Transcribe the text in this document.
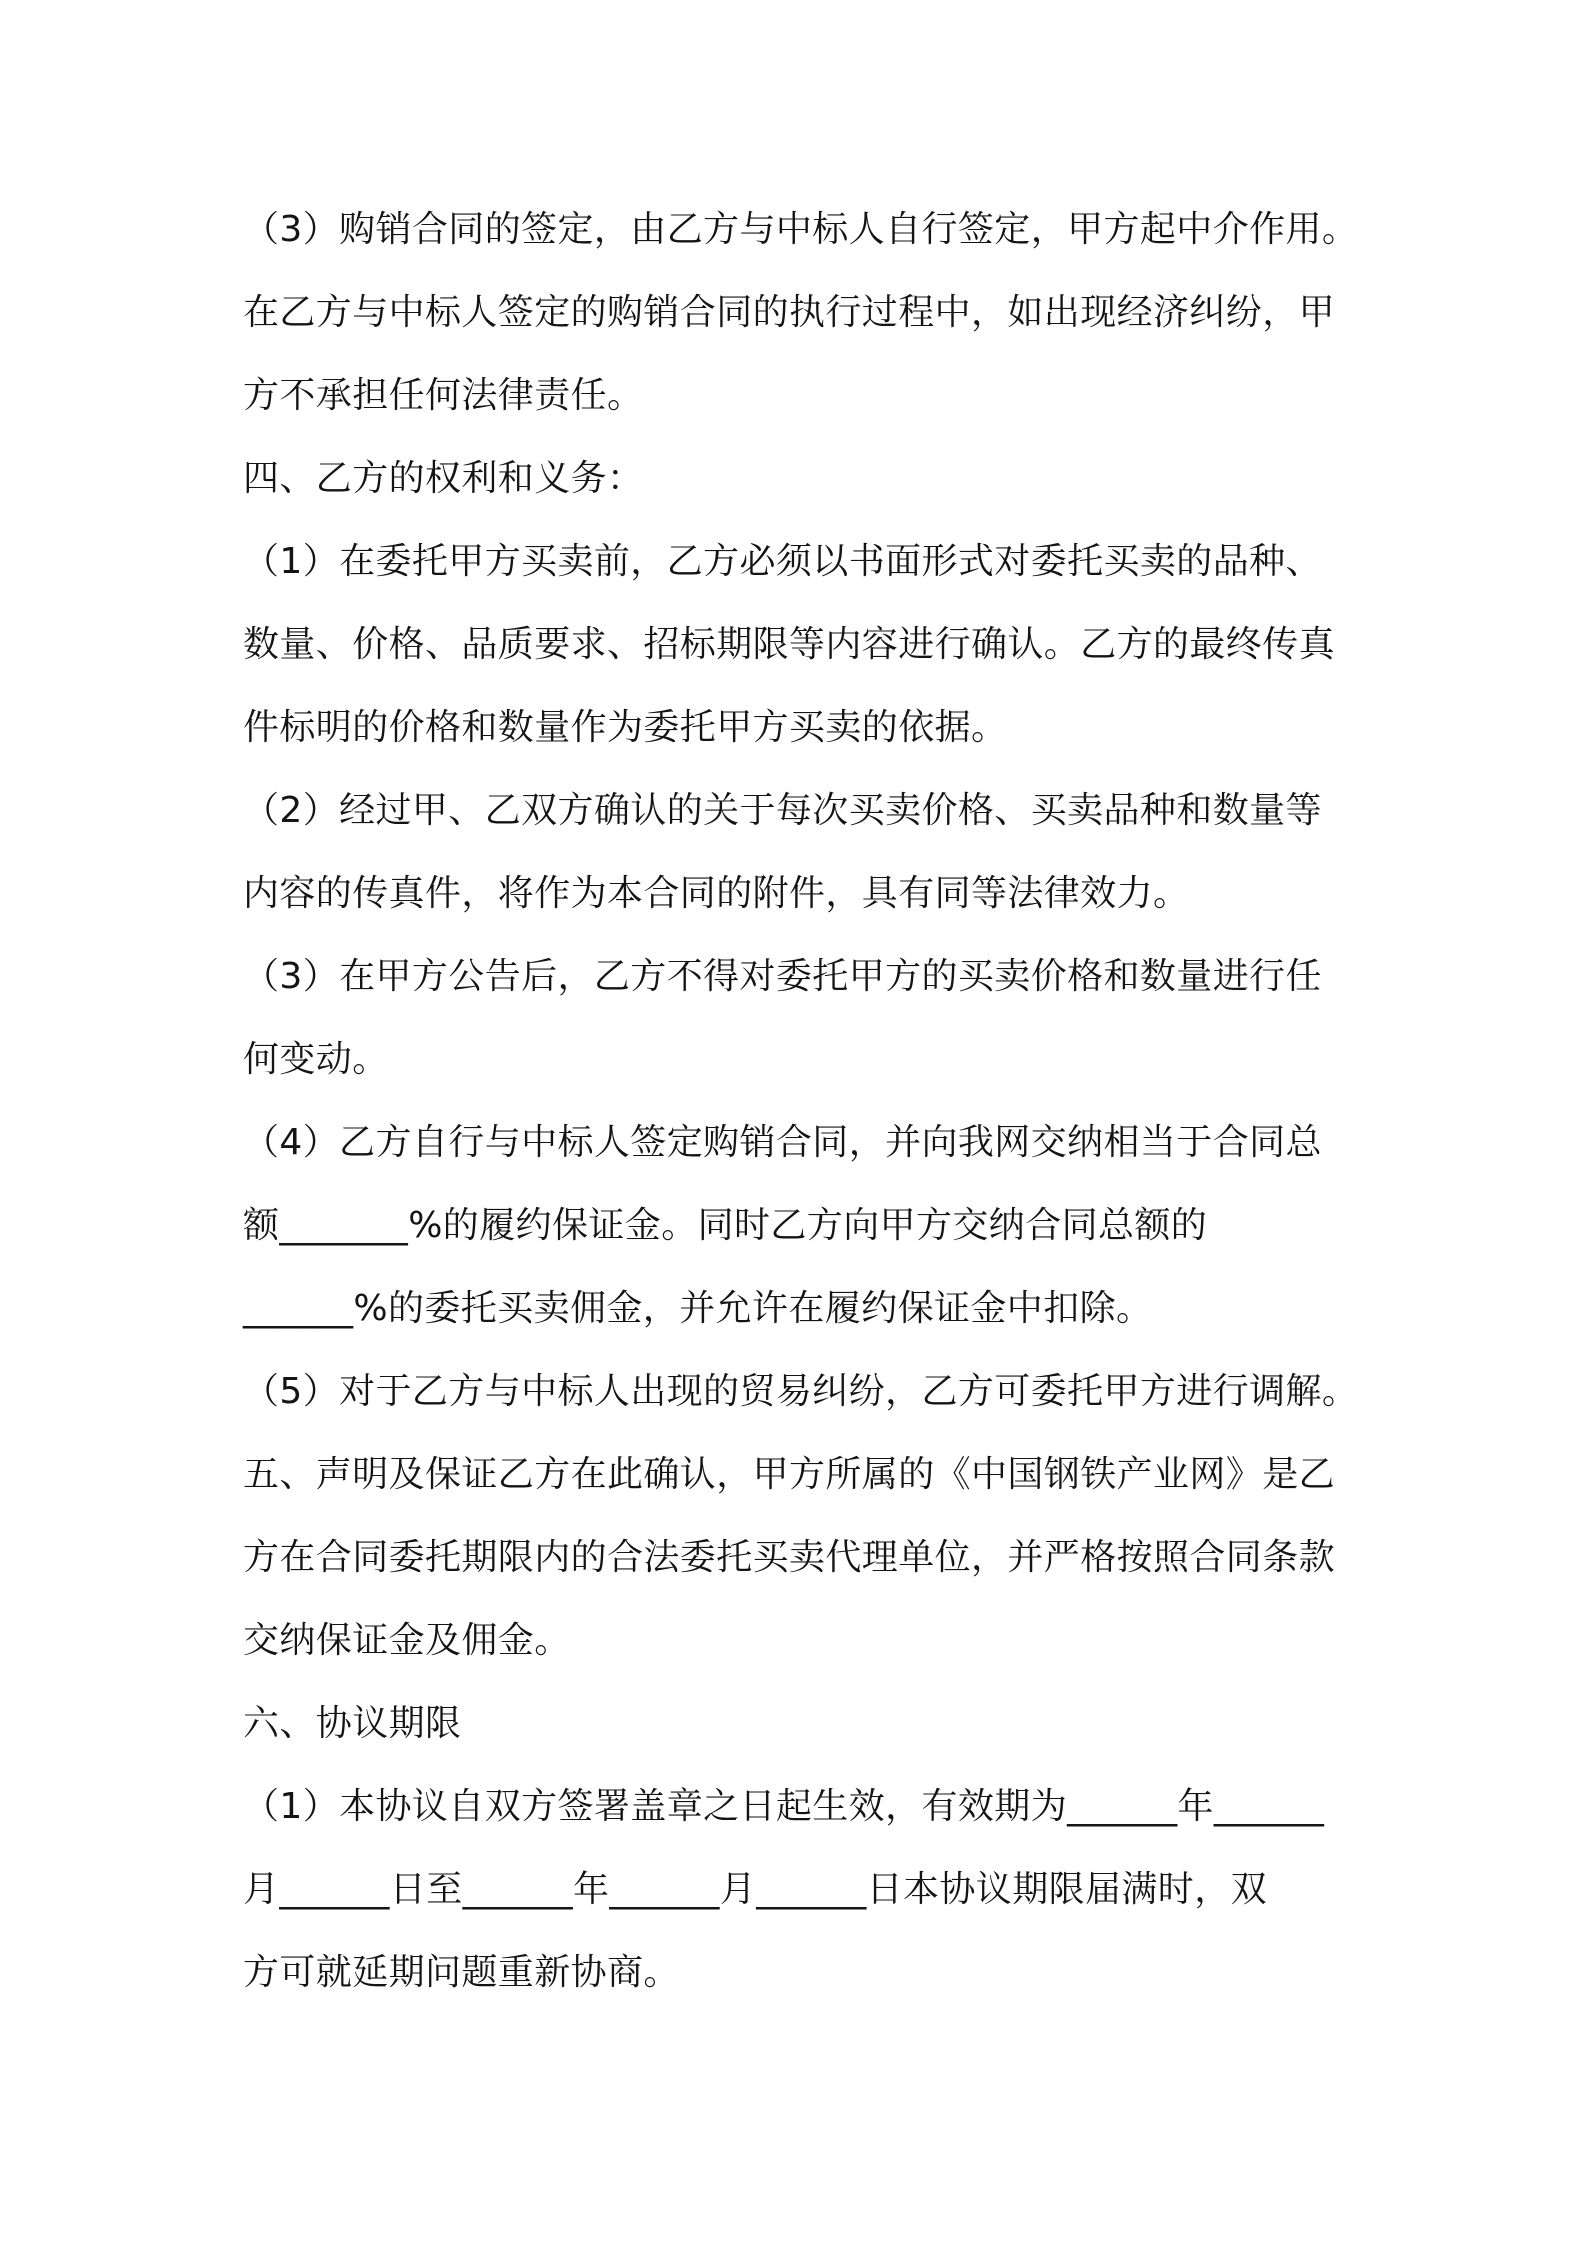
（3）购销合同的签定，由乙方与中标人自行签定，甲方起中介作用。
在乙方与中标人签定的购销合同的执行过程中，如出现经济纠纷，甲
方不承担任何法律责任。
四、乙方的权利和义务：
（1）在委托甲方买卖前，乙方必须以书面形式对委托买卖的品种、
数量、价格、品质要求、招标期限等内容进行确认。乙方的最终传真
件标明的价格和数量作为委托甲方买卖的依据。
（2）经过甲、乙双方确认的关于每次买卖价格、买卖品种和数量等
内容的传真件，将作为本合同的附件，具有同等法律效力。
（3）在甲方公告后，乙方不得对委托甲方的买卖价格和数量进行任
何变动。
（4）乙方自行与中标人签定购销合同，并向我网交纳相当于合同总
额_______%的履约保证金。同时乙方向甲方交纳合同总额的
______%的委托买卖佣金，并允许在履约保证金中扣除。
（5）对于乙方与中标人出现的贸易纠纷，乙方可委托甲方进行调解。
五、声明及保证乙方在此确认，甲方所属的《中国钢铁产业网》是乙
方在合同委托期限内的合法委托买卖代理单位，并严格按照合同条款
交纳保证金及佣金。
六、协议期限
（1）本协议自双方签署盖章之日起生效，有效期为______年______
月______日至______年______月______日本协议期限届满时，双
方可就延期问题重新协商。
